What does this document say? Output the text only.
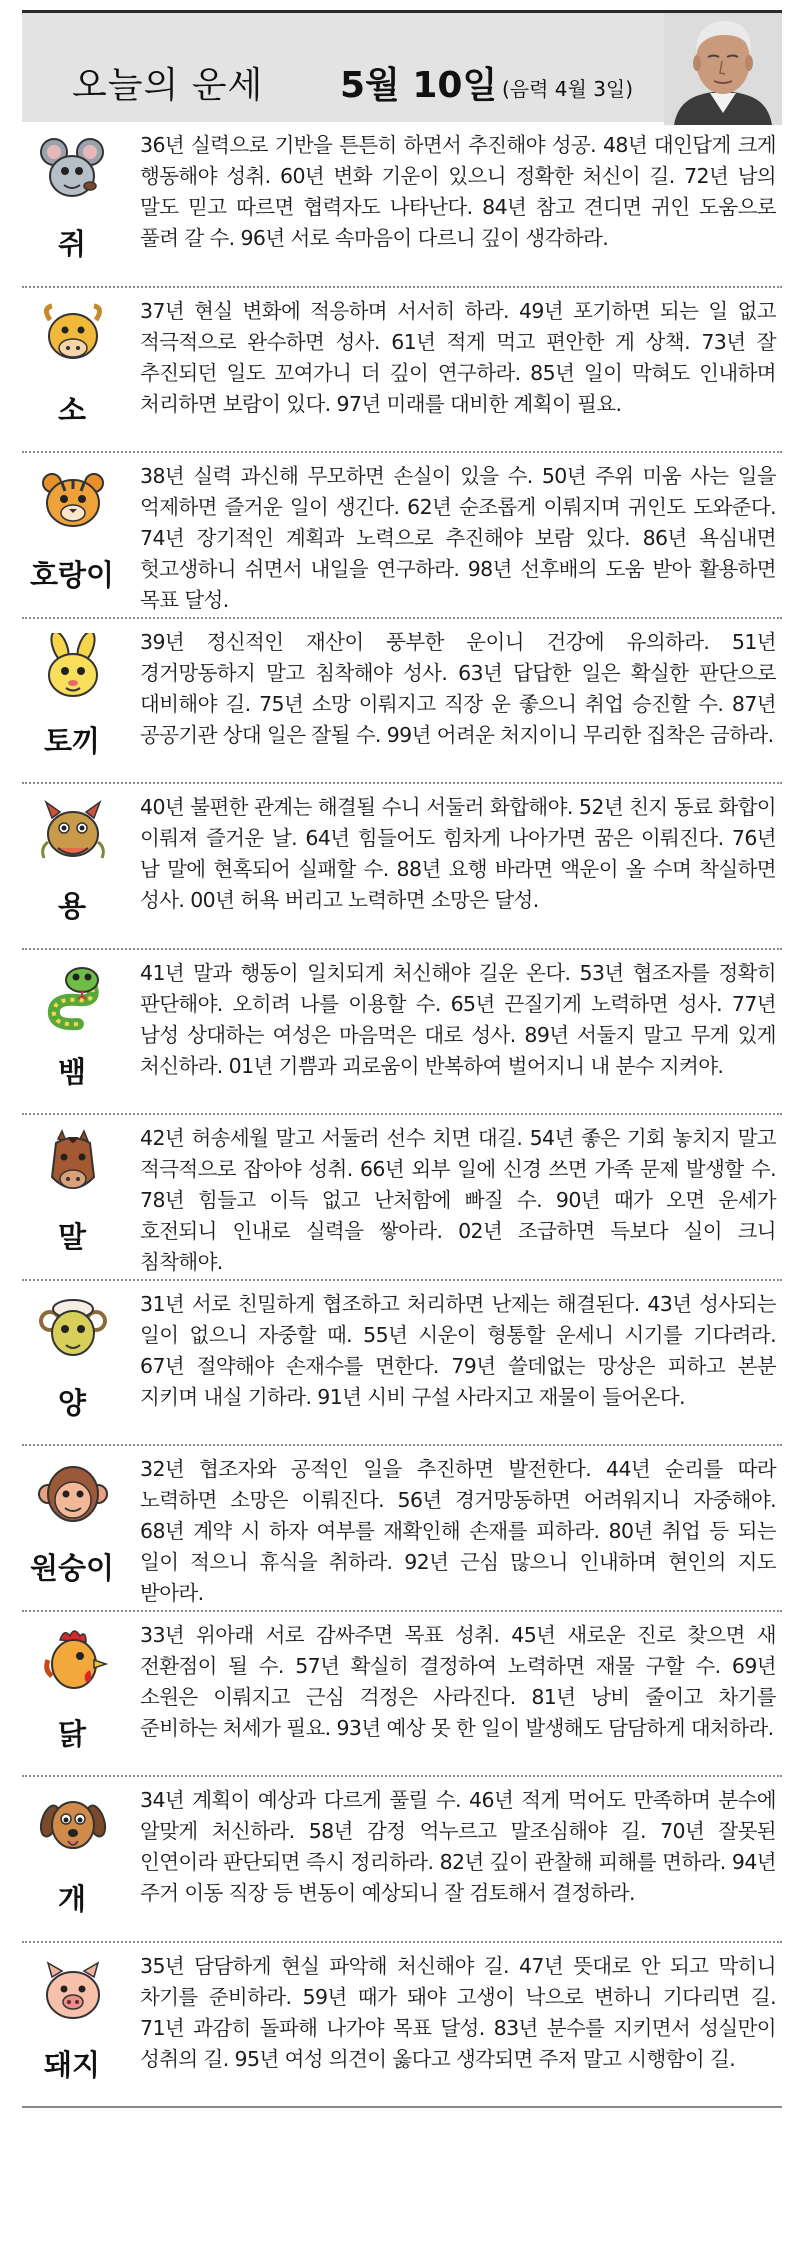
오늘의 운세 5월 10일 (음력 4월 3일)
쥐

36년 실력으로 기반을 튼튼히 하면서 추진해야 성공. 48년 대인답게 크게 행동해야 성취. 60년 변화 기운이 있으니 정확한 처신이 길. 72년 남의 말도 믿고 따르면 협력자도 나타난다. 84년 참고 견디면 귀인 도움으로 풀려 갈 수. 96년 서로 속마음이 다르니 깊이 생각하라.

소

37년 현실 변화에 적응하며 서서히 하라. 49년 포기하면 되는 일 없고 적극적으로 완수하면 성사. 61년 적게 먹고 편안한 게 상책. 73년 잘 추진되던 일도 꼬여가니 더 깊이 연구하라. 85년 일이 막혀도 인내하며 처리하면 보람이 있다. 97년 미래를 대비한 계획이 필요.

호랑이

38년 실력 과신해 무모하면 손실이 있을 수. 50년 주위 미움 사는 일을 억제하면 즐거운 일이 생긴다. 62년 순조롭게 이뤄지며 귀인도 도와준다. 74년 장기적인 계획과 노력으로 추진해야 보람 있다. 86년 욕심내면 헛고생하니 쉬면서 내일을 연구하라. 98년 선후배의 도움 받아 활용하면 목표 달성.

토끼

39년 정신적인 재산이 풍부한 운이니 건강에 유의하라. 51년 경거망동하지 말고 침착해야 성사. 63년 답답한 일은 확실한 판단으로 대비해야 길. 75년 소망 이뤄지고 직장 운 좋으니 취업 승진할 수. 87년 공공기관 상대 일은 잘될 수. 99년 어려운 처지이니 무리한 집착은 금하라.

용

40년 불편한 관계는 해결될 수니 서둘러 화합해야. 52년 친지 동료 화합이 이뤄져 즐거운 날. 64년 힘들어도 힘차게 나아가면 꿈은 이뤄진다. 76년 남 말에 현혹되어 실패할 수. 88년 요행 바라면 액운이 올 수며 착실하면 성사. 00년 허욕 버리고 노력하면 소망은 달성.

뱀

41년 말과 행동이 일치되게 처신해야 길운 온다. 53년 협조자를 정확히 판단해야. 오히려 나를 이용할 수. 65년 끈질기게 노력하면 성사. 77년 남성 상대하는 여성은 마음먹은 대로 성사. 89년 서둘지 말고 무게 있게 처신하라. 01년 기쁨과 괴로움이 반복하여 벌어지니 내 분수 지켜야.

말

42년 허송세월 말고 서둘러 선수 치면 대길. 54년 좋은 기회 놓치지 말고 적극적으로 잡아야 성취. 66년 외부 일에 신경 쓰면 가족 문제 발생할 수. 78년 힘들고 이득 없고 난처함에 빠질 수. 90년 때가 오면 운세가 호전되니 인내로 실력을 쌓아라. 02년 조급하면 득보다 실이 크니 침착해야.

양

31년 서로 친밀하게 협조하고 처리하면 난제는 해결된다. 43년 성사되는 일이 없으니 자중할 때. 55년 시운이 형통할 운세니 시기를 기다려라. 67년 절약해야 손재수를 면한다. 79년 쓸데없는 망상은 피하고 본분 지키며 내실 기하라. 91년 시비 구설 사라지고 재물이 들어온다.

원숭이

32년 협조자와 공적인 일을 추진하면 발전한다. 44년 순리를 따라 노력하면 소망은 이뤄진다. 56년 경거망동하면 어려워지니 자중해야. 68년 계약 시 하자 여부를 재확인해 손재를 피하라. 80년 취업 등 되는 일이 적으니 휴식을 취하라. 92년 근심 많으니 인내하며 현인의 지도 받아라.

닭

33년 위아래 서로 감싸주면 목표 성취. 45년 새로운 진로 찾으면 새 전환점이 될 수. 57년 확실히 결정하여 노력하면 재물 구할 수. 69년 소원은 이뤄지고 근심 걱정은 사라진다. 81년 낭비 줄이고 차기를 준비하는 처세가 필요. 93년 예상 못 한 일이 발생해도 담담하게 대처하라.

개

34년 계획이 예상과 다르게 풀릴 수. 46년 적게 먹어도 만족하며 분수에 알맞게 처신하라. 58년 감정 억누르고 말조심해야 길. 70년 잘못된 인연이라 판단되면 즉시 정리하라. 82년 깊이 관찰해 피해를 면하라. 94년 주거 이동 직장 등 변동이 예상되니 잘 검토해서 결정하라.

돼지

35년 담담하게 현실 파악해 처신해야 길. 47년 뜻대로 안 되고 막히니 차기를 준비하라. 59년 때가 돼야 고생이 낙으로 변하니 기다리면 길. 71년 과감히 돌파해 나가야 목표 달성. 83년 분수를 지키면서 성실만이 성취의 길. 95년 여성 의견이 옳다고 생각되면 주저 말고 시행함이 길.
